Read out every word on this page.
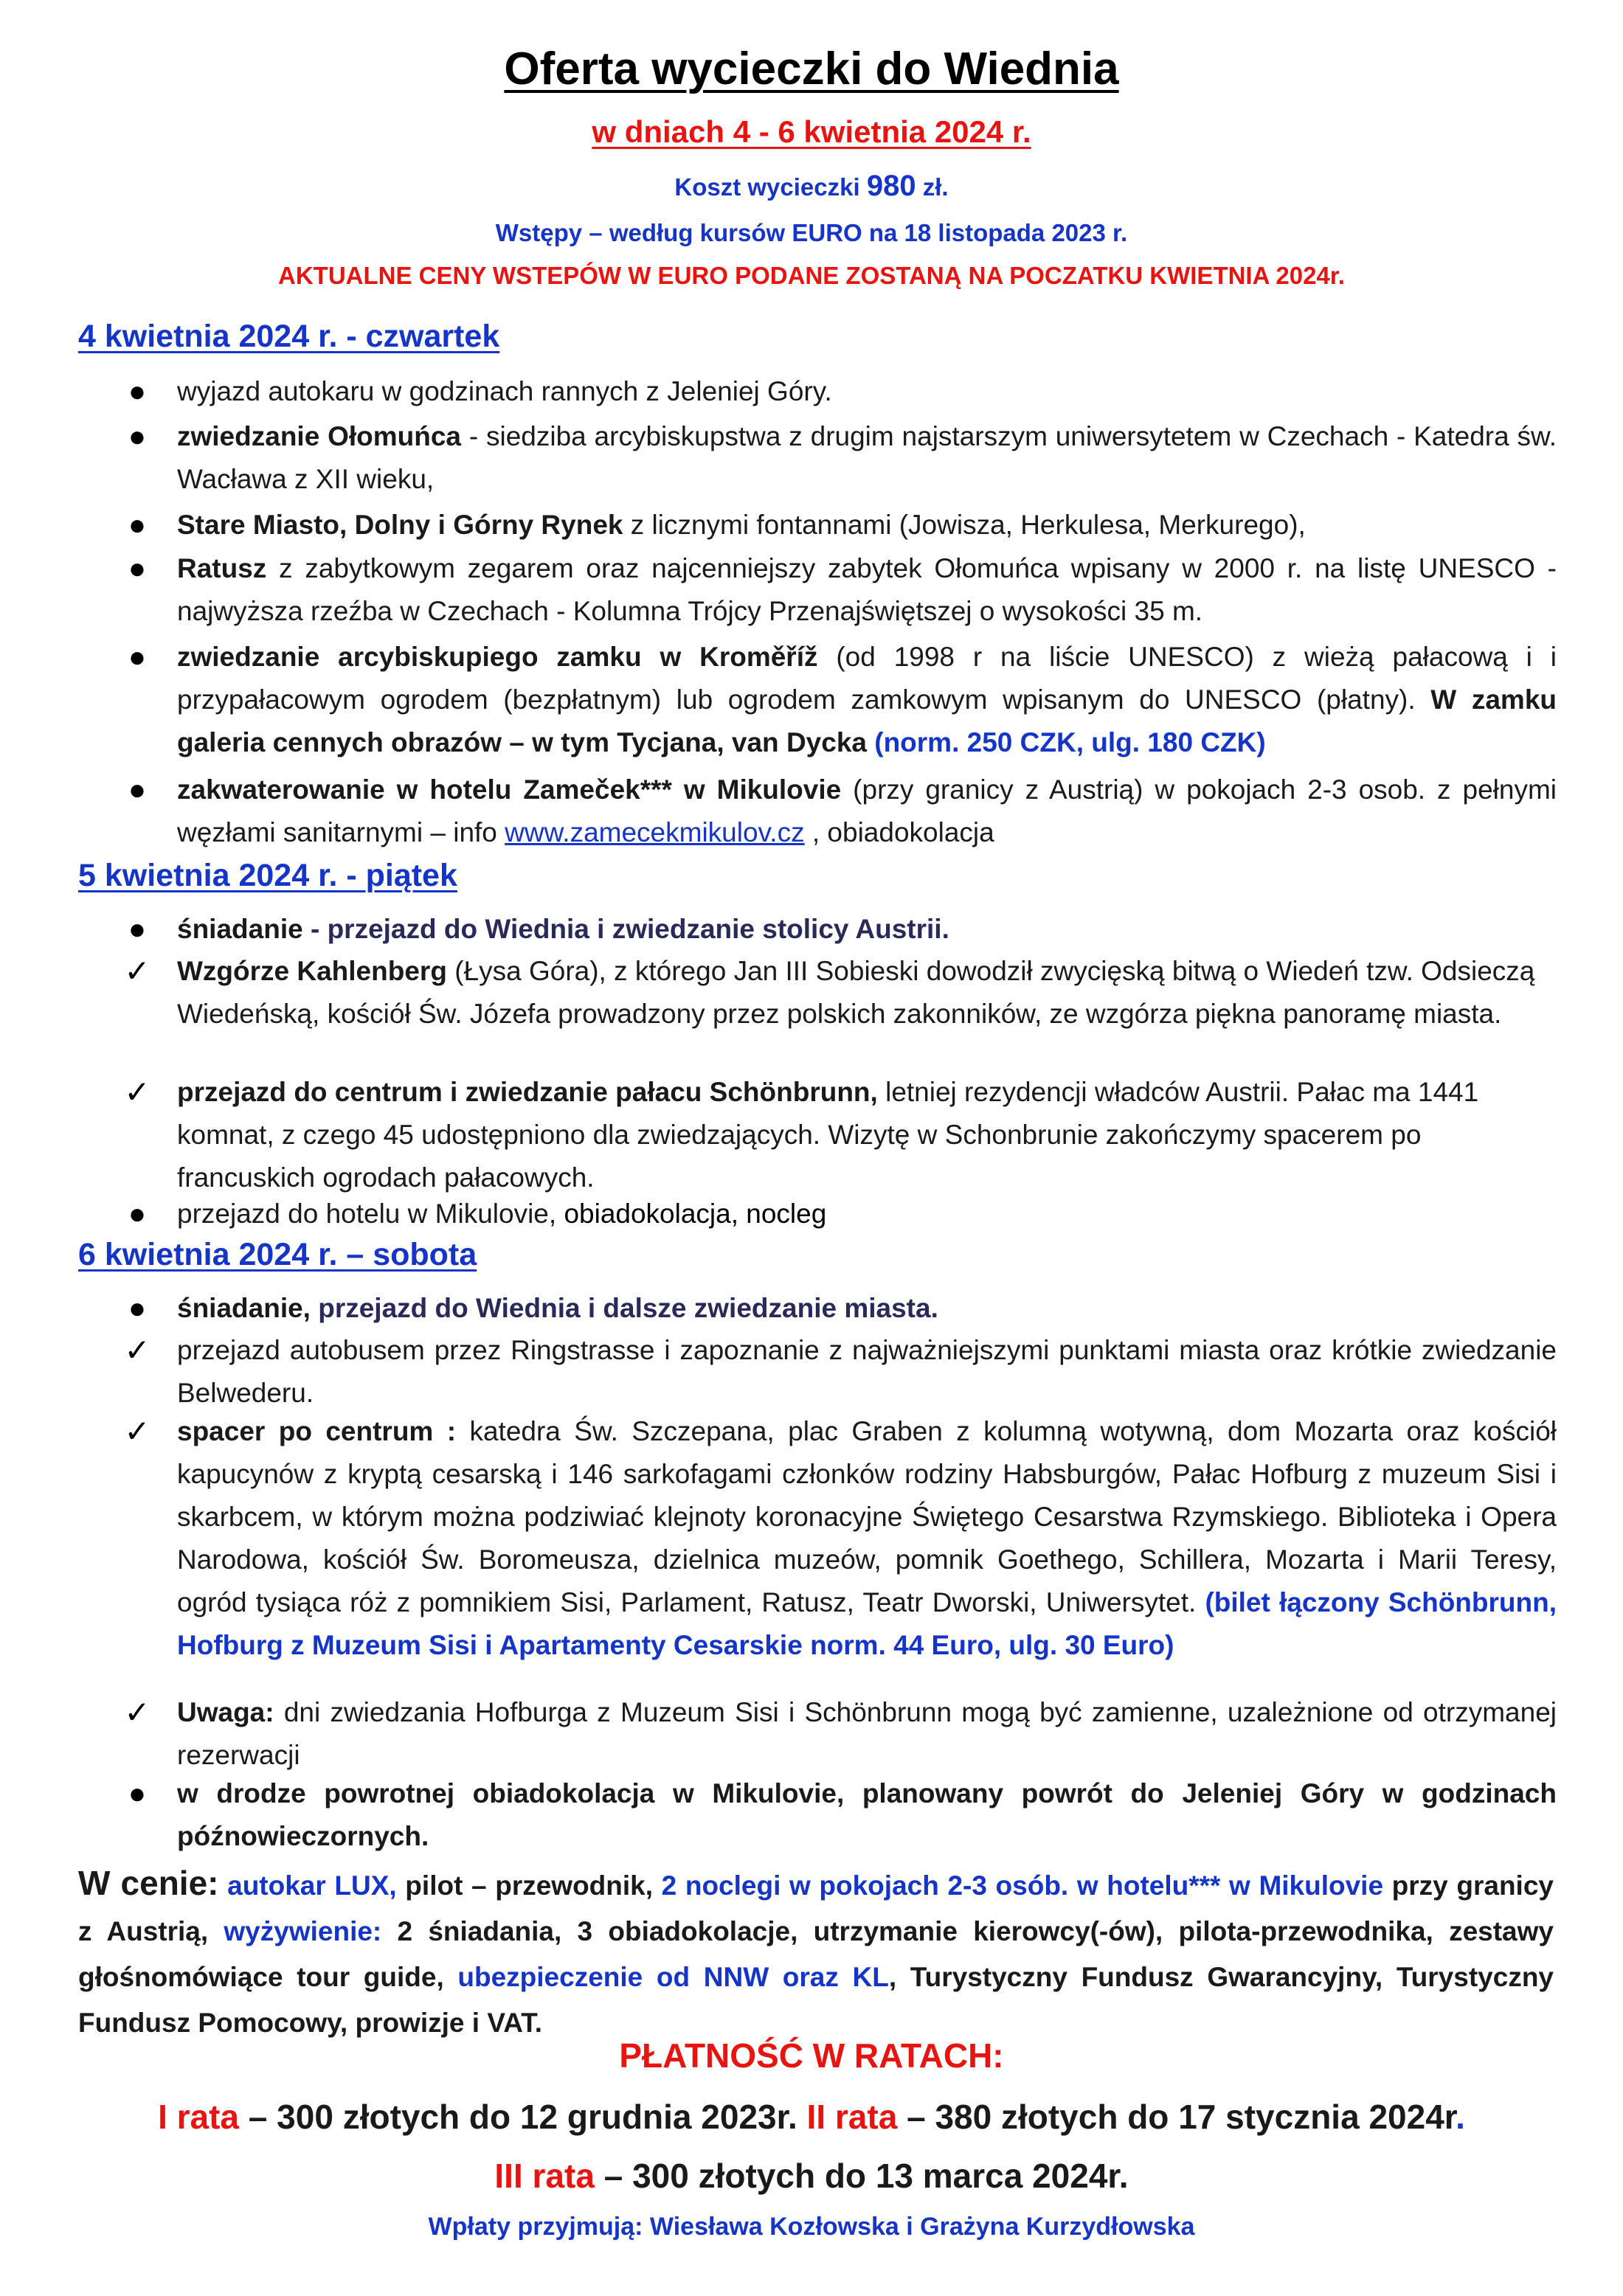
Oferta wycieczki do Wiednia
w dniach 4 - 6 kwietnia 2024 r.
Koszt wycieczki 980 zł.
Wstępy – według kursów EURO na 18 listopada 2023 r.
AKTUALNE CENY WSTEPÓW W EURO PODANE ZOSTANĄ NA POCZATKU KWIETNIA 2024r.
4 kwietnia 2024 r. - czwartek
●	wyjazd autokaru w godzinach rannych z Jeleniej Góry.
●	zwiedzanie Ołomuńca - siedziba arcybiskupstwa z drugim najstarszym uniwersytetem w Czechach - Katedra św. Wacława z XII wieku,
●	Stare Miasto, Dolny i Górny Rynek z licznymi fontannami (Jowisza, Herkulesa, Merkurego),
●	Ratusz z zabytkowym zegarem oraz najcenniejszy zabytek Ołomuńca wpisany w 2000 r. na listę UNESCO - najwyższa rzeźba w Czechach - Kolumna Trójcy Przenajświętszej o wysokości 35 m.
●	zwiedzanie arcybiskupiego zamku w Kroměříž (od 1998 r na liście UNESCO) z wieżą pałacową i i przypałacowym ogrodem (bezpłatnym) lub ogrodem zamkowym wpisanym do UNESCO (płatny). W zamku galeria cennych obrazów – w tym Tycjana, van Dycka (norm. 250 CZK, ulg. 180 CZK)
●	zakwaterowanie w hotelu Zameček*** w Mikulovie (przy granicy z Austrią) w pokojach 2-3 osob. z pełnymi węzłami sanitarnymi – info www.zamecekmikulov.cz , obiadokolacja
5 kwietnia 2024 r. - piątek
●	śniadanie - przejazd do Wiednia i zwiedzanie stolicy Austrii.
✓ Wzgórze Kahlenberg (Łysa Góra), z którego Jan III Sobieski dowodził zwycięską bitwą o Wiedeń tzw. Odsieczą Wiedeńską, kościół Św. Józefa prowadzony przez polskich zakonników, ze wzgórza piękna panoramę miasta.
✓ przejazd do centrum i zwiedzanie pałacu Schönbrunn, letniej rezydencji władców Austrii. Pałac ma 1441 komnat, z czego 45 udostępniono dla zwiedzających. Wizytę w Schonbrunie zakończymy spacerem po francuskich ogrodach pałacowych.
●	przejazd do hotelu w Mikulovie, obiadokolacja, nocleg
6 kwietnia 2024 r. – sobota
●	śniadanie, przejazd do Wiednia i dalsze zwiedzanie miasta.
✓ przejazd autobusem przez Ringstrasse i zapoznanie z najważniejszymi punktami miasta oraz krótkie zwiedzanie Belwederu.
✓ spacer po centrum : katedra Św. Szczepana, plac Graben z kolumną wotywną, dom Mozarta oraz kościół kapucynów z kryptą cesarską i 146 sarkofagami członków rodziny Habsburgów, Pałac Hofburg z muzeum Sisi i skarbcem, w którym można podziwiać klejnoty koronacyjne Świętego Cesarstwa Rzymskiego. Biblioteka i Opera Narodowa, kościół Św. Boromeusza, dzielnica muzeów, pomnik Goethego, Schillera, Mozarta i Marii Teresy, ogród tysiąca róż z pomnikiem Sisi, Parlament, Ratusz, Teatr Dworski, Uniwersytet. (bilet łączony Schönbrunn, Hofburg z Muzeum Sisi i Apartamenty Cesarskie norm. 44 Euro, ulg. 30 Euro)
✓ Uwaga: dni zwiedzania Hofburga z Muzeum Sisi i Schönbrunn mogą być zamienne, uzależnione od otrzymanej rezerwacji
●	w drodze powrotnej obiadokolacja w Mikulovie, planowany powrót do Jeleniej Góry w godzinach późnowieczornych.
W cenie: autokar LUX, pilot – przewodnik, 2 noclegi w pokojach 2-3 osób. w hotelu*** w Mikulovie przy granicy z Austrią, wyżywienie: 2 śniadania, 3 obiadokolacje, utrzymanie kierowcy(-ów), pilota-przewodnika, zestawy głośnomówiące tour guide, ubezpieczenie od NNW oraz KL, Turystyczny Fundusz Gwarancyjny, Turystyczny Fundusz Pomocowy, prowizje i VAT.
PŁATNOŚĆ W RATACH:
I rata – 300 złotych do 12 grudnia 2023r. II rata – 380 złotych do 17 stycznia 2024r.
III rata – 300 złotych do 13 marca 2024r.
Wpłaty przyjmują: Wiesława Kozłowska i Grażyna Kurzydłowska
